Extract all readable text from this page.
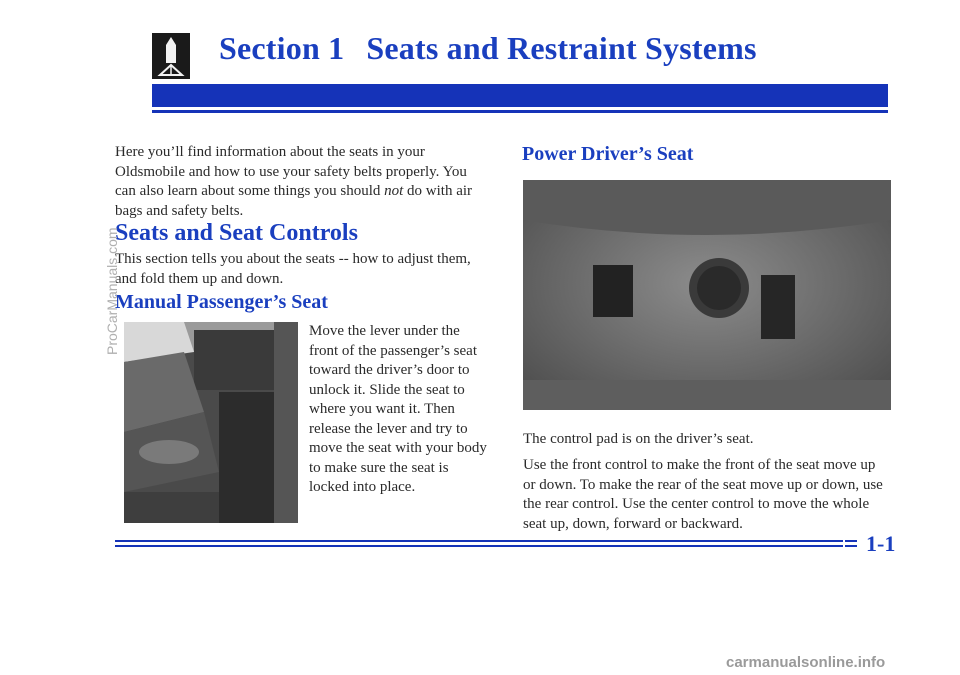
Section 1 Seats and Restraint Systems

Here you’ll find information about the seats in your Oldsmobile and how to use your safety belts properly. You can also learn about some things you should not do with air bags and safety belts.

Seats and Seat Controls

This section tells you about the seats -- how to adjust them, and fold them up and down.

Manual Passenger’s Seat

Move the lever under the front of the passenger’s seat toward the driver’s door to unlock it. Slide the seat to where you want it. Then release the lever and try to move the seat with your body to make sure the seat is locked into place.

Power Driver’s Seat

The control pad is on the driver’s seat.

Use the front control to make the front of the seat move up or down. To make the rear of the seat move up or down, use the rear control. Use the center control to move the whole seat up, down, forward or backward.

1-1
ProCarManuals.com
carmanualsonline.info
